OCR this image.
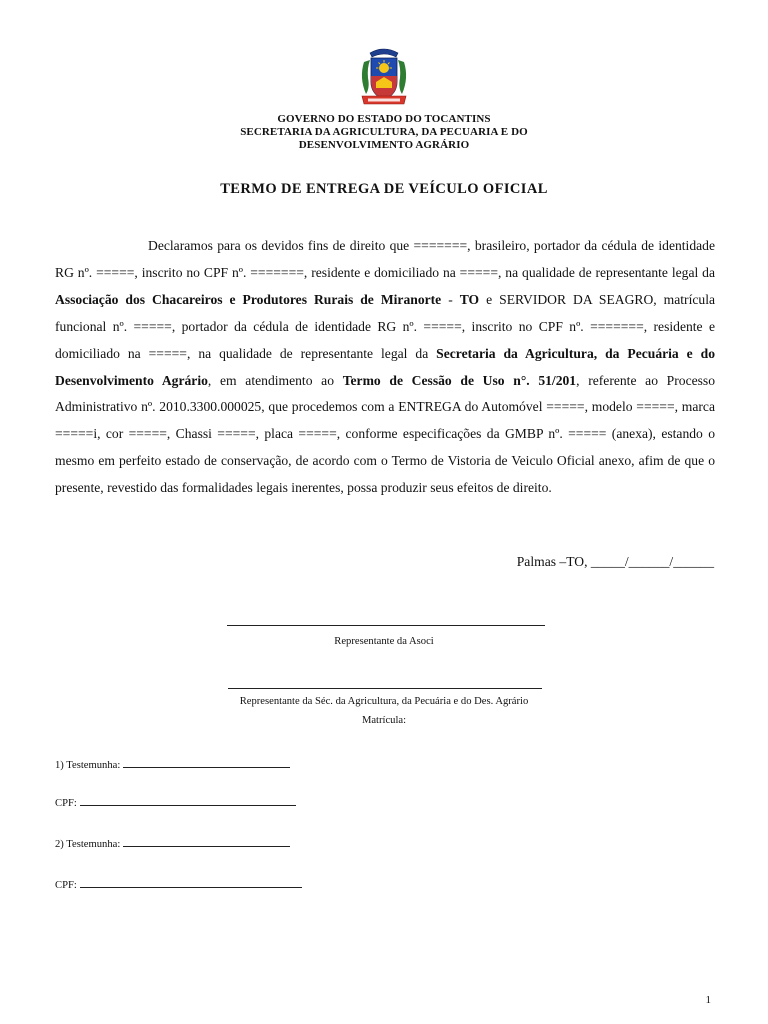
GOVERNO DO ESTADO DO TOCANTINS
SECRETARIA DA AGRICULTURA, DA PECUARIA E DO
DESENVOLVIMENTO AGRÁRIO
TERMO DE ENTREGA DE VEÍCULO OFICIAL
Declaramos para os devidos fins de direito que =======, brasileiro, portador da cédula de identidade RG nº. =====, inscrito no CPF nº. =======, residente e domiciliado na =====, na qualidade de representante legal da Associação dos Chacareiros e Produtores Rurais de Miranorte - TO e SERVIDOR DA SEAGRO, matrícula funcional nº. =====, portador da cédula de identidade RG nº. =====, inscrito no CPF nº. =======, residente e domiciliado na =====, na qualidade de representante legal da Secretaria da Agricultura, da Pecuária e do Desenvolvimento Agrário, em atendimento ao Termo de Cessão de Uso n°. 51/201, referente ao Processo Administrativo nº. 2010.3300.000025, que procedemos com a ENTREGA do Automóvel =====, modelo =====, marca =====i, cor =====, Chassi =====, placa =====, conforme especificações da GMBP nº. ===== (anexa), estando o mesmo em perfeito estado de conservação, de acordo com o Termo de Vistoria de Veiculo Oficial anexo, afim de que o presente, revestido das formalidades legais inerentes, possa produzir seus efeitos de direito.
Palmas –TO, _____/______/______
Representante da Asoci
Representante da Séc. da Agricultura, da Pecuária e do Des. Agrário
Matrícula:
1) Testemunha:
CPF:
2) Testemunha:
CPF:
1
